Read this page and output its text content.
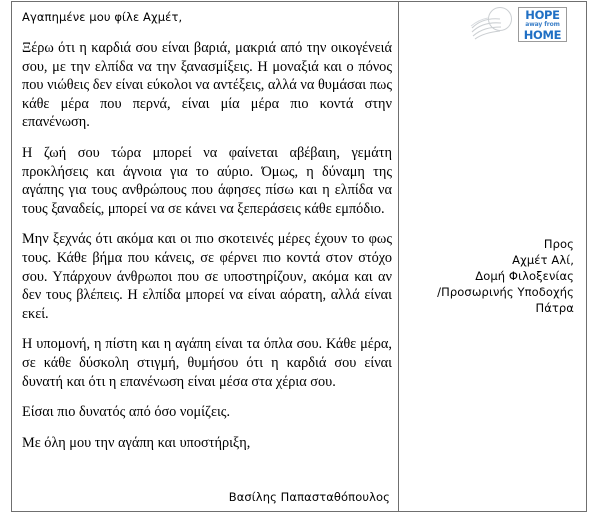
Αγαπημένε μου φίλε Αχμέτ,

Ξέρω ότι η καρδιά σου είναι βαριά, μακριά από την οικογένειά σου, με την ελπίδα να την ξανασμίξεις. Η μοναξιά και ο πόνος που νιώθεις δεν είναι εύκολοι να αντέξεις, αλλά να θυμάσαι πως κάθε μέρα που περνά, είναι μία μέρα πιο κοντά στην επανένωση.

Η ζωή σου τώρα μπορεί να φαίνεται αβέβαιη, γεμάτη προκλήσεις και άγνοια για το αύριο. Όμως, η δύναμη της αγάπης για τους ανθρώπους που άφησες πίσω και η ελπίδα να τους ξαναδείς, μπορεί να σε κάνει να ξεπεράσεις κάθε εμπόδιο.

Μην ξεχνάς ότι ακόμα και οι πιο σκοτεινές μέρες έχουν το φως τους. Κάθε βήμα που κάνεις, σε φέρνει πιο κοντά στον στόχο σου. Υπάρχουν άνθρωποι που σε υποστηρίζουν, ακόμα και αν δεν τους βλέπεις. Η ελπίδα μπορεί να είναι αόρατη, αλλά είναι εκεί.

Η υπομονή, η πίστη και η αγάπη είναι τα όπλα σου. Κάθε μέρα, σε κάθε δύσκολη στιγμή, θυμήσου ότι η καρδιά σου είναι δυνατή και ότι η επανένωση είναι μέσα στα χέρια σου.

Είσαι πιο δυνατός από όσο νομίζεις.

Με όλη μου την αγάπη και υποστήριξη,

Βασίλης Παπασταθόπουλος

HOPE
away from
HOME
Προς
Αχμέτ Αλί,
Δομή Φιλοξενίας
/Προσωρινής Υποδοχής
Πάτρα
